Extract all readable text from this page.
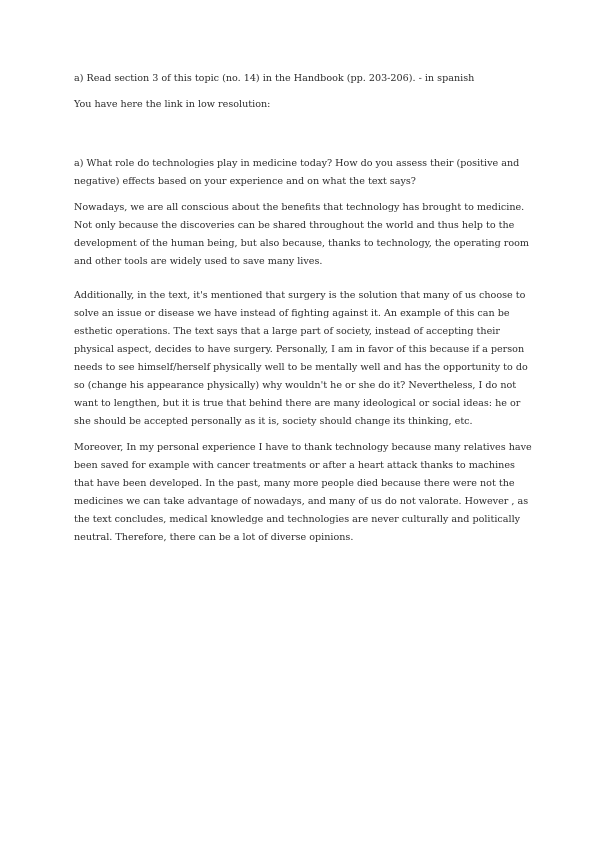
a) Read section 3 of this topic (no. 14) in the Handbook (pp. 203-206). - in spanish

You have here the link in low resolution:

a) What role do technologies play in medicine today? How do you assess their (positive and negative) effects based on your experience and on what the text says?

Nowadays, we are all conscious about the benefits that technology has brought to medicine. Not only because the discoveries can be shared throughout the world and thus help to the development of the human being, but also because, thanks to technology, the operating room and other tools are widely used to save many lives.

Additionally, in the text, it's mentioned that surgery is the solution that many of us choose to solve an issue or disease we have instead of fighting against it. An example of this can be esthetic operations. The text says that a large part of society, instead of accepting their physical aspect, decides to have surgery. Personally, I am in favor of this because if a person needs to see himself/herself physically well to be mentally well and has the opportunity to do so (change his appearance physically) why wouldn't he or she do it? Nevertheless, I do not want to lengthen, but it is true that behind there are many ideological or social ideas: he or she should be accepted personally as it is, society should change its thinking, etc.

Moreover, In my personal experience I have to thank technology because many relatives have been saved for example with cancer treatments or after a heart attack thanks to machines that have been developed. In the past, many more people died because there were not the medicines we can take advantage of nowadays, and many of us do not valorate. However , as the text concludes, medical knowledge and technologies are never culturally and politically neutral. Therefore, there can be a lot of diverse opinions.
